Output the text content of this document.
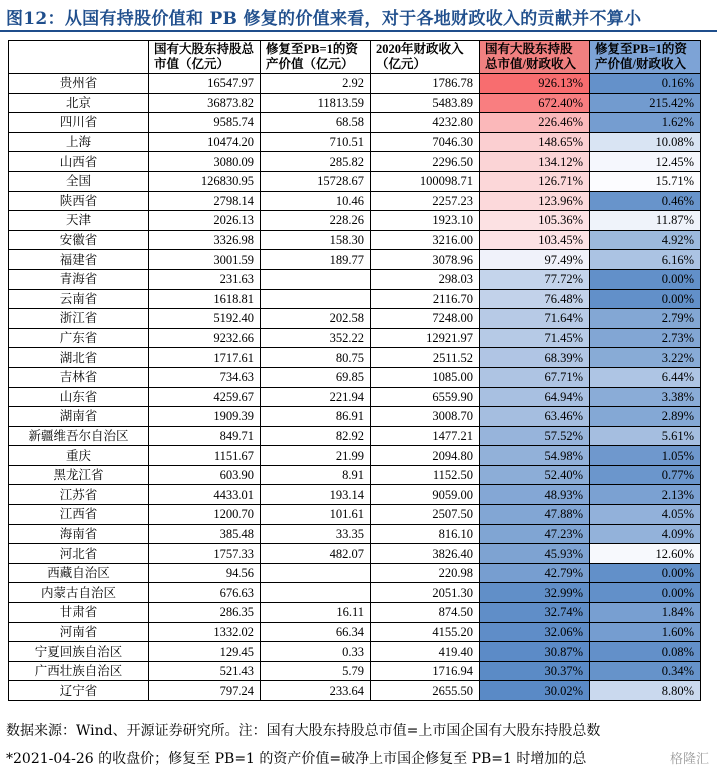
图12：从国有持股价值和 PB 修复的价值来看，对于各地财政收入的贡献并不算小
	国有大股东持股总市值（亿元）	修复至PB=1的资产价值（亿元）	2020年财政收入（亿元）	国有大股东持股总市值/财政收入	修复至PB=1的资产价值/财政收入
贵州省	16547.97	2.92	1786.78	926.13%	0.16%
北京	36873.82	11813.59	5483.89	672.40%	215.42%
四川省	9585.74	68.58	4232.80	226.46%	1.62%
上海	10474.20	710.51	7046.30	148.65%	10.08%
山西省	3080.09	285.82	2296.50	134.12%	12.45%
全国	126830.95	15728.67	100098.71	126.71%	15.71%
陕西省	2798.14	10.46	2257.23	123.96%	0.46%
天津	2026.13	228.26	1923.10	105.36%	11.87%
安徽省	3326.98	158.30	3216.00	103.45%	4.92%
福建省	3001.59	189.77	3078.96	97.49%	6.16%
青海省	231.63		298.03	77.72%	0.00%
云南省	1618.81		2116.70	76.48%	0.00%
浙江省	5192.40	202.58	7248.00	71.64%	2.79%
广东省	9232.66	352.22	12921.97	71.45%	2.73%
湖北省	1717.61	80.75	2511.52	68.39%	3.22%
吉林省	734.63	69.85	1085.00	67.71%	6.44%
山东省	4259.67	221.94	6559.90	64.94%	3.38%
湖南省	1909.39	86.91	3008.70	63.46%	2.89%
新疆维吾尔自治区	849.71	82.92	1477.21	57.52%	5.61%
重庆	1151.67	21.99	2094.80	54.98%	1.05%
黑龙江省	603.90	8.91	1152.50	52.40%	0.77%
江苏省	4433.01	193.14	9059.00	48.93%	2.13%
江西省	1200.70	101.61	2507.50	47.88%	4.05%
海南省	385.48	33.35	816.10	47.23%	4.09%
河北省	1757.33	482.07	3826.40	45.93%	12.60%
西藏自治区	94.56		220.98	42.79%	0.00%
内蒙古自治区	676.63		2051.30	32.99%	0.00%
甘肃省	286.35	16.11	874.50	32.74%	1.84%
河南省	1332.02	66.34	4155.20	32.06%	1.60%
宁夏回族自治区	129.45	0.33	419.40	30.87%	0.08%
广西壮族自治区	521.43	5.79	1716.94	30.37%	0.34%
辽宁省	797.24	233.64	2655.50	30.02%	8.80%
数据来源：Wind、开源证券研究所。注：国有大股东持股总市值=上市国企国有大股东持股总数
*2021-04-26 的收盘价；修复至 PB=1 的资产价值=破净上市国企修复至 PB=1 时增加的总	格隆汇
